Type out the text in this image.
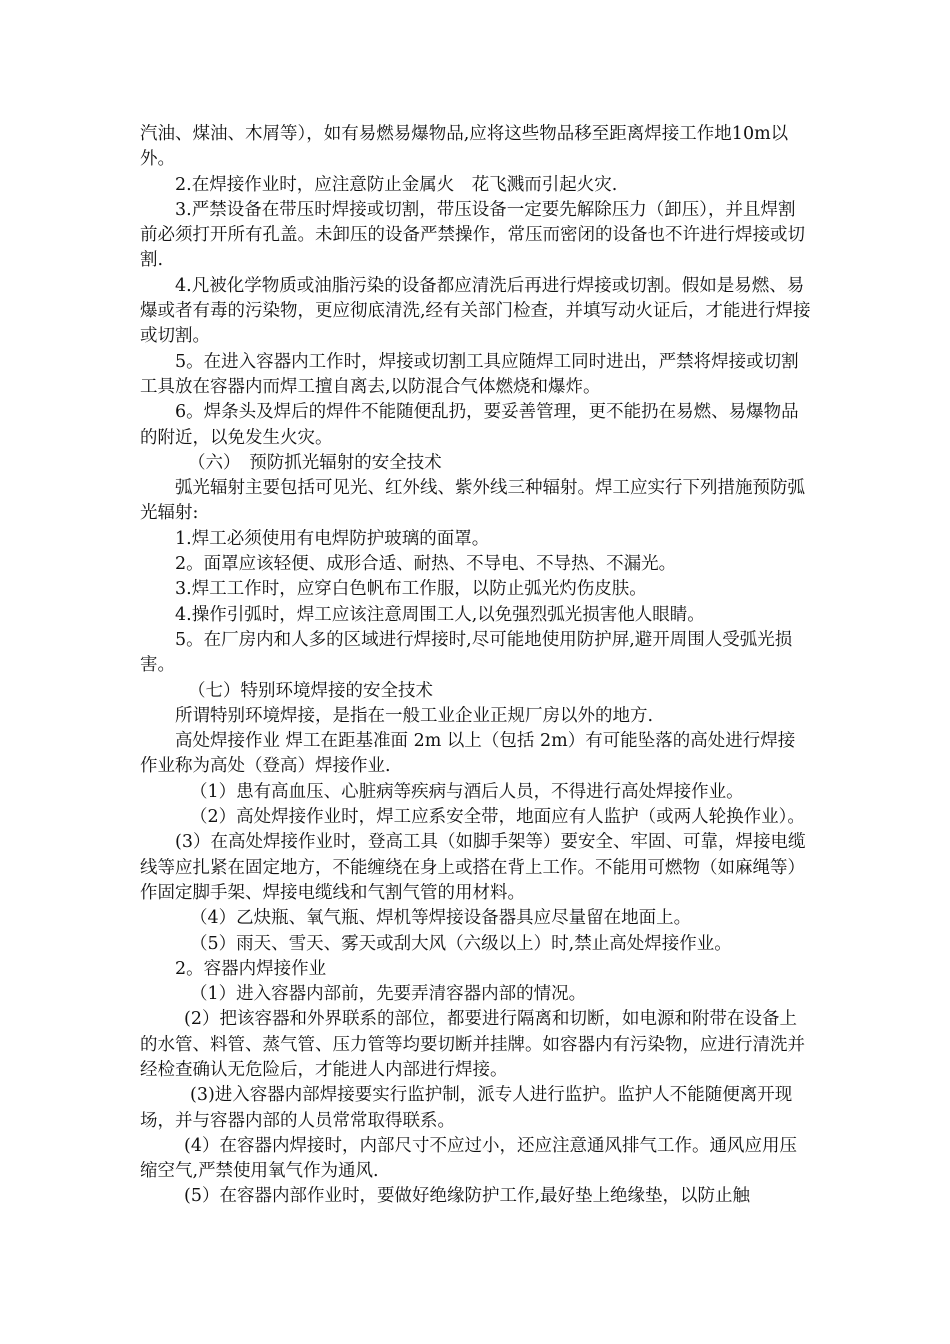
汽油、煤油、木屑等），如有易燃易爆物品,应将这些物品移至距离焊接工作地10m以外。

2.在焊接作业时，应注意防止金属火　花飞溅而引起火灾.

3.严禁设备在带压时焊接或切割，带压设备一定要先解除压力（卸压），并且焊割前必须打开所有孔盖。未卸压的设备严禁操作，常压而密闭的设备也不许进行焊接或切割.

4.凡被化学物质或油脂污染的设备都应清洗后再进行焊接或切割。假如是易燃、易爆或者有毒的污染物，更应彻底清洗,经有关部门检查，并填写动火证后，才能进行焊接或切割。

5。在进入容器内工作时，焊接或切割工具应随焊工同时进出，严禁将焊接或切割工具放在容器内而焊工擅自离去,以防混合气体燃烧和爆炸。

6。焊条头及焊后的焊件不能随便乱扔，要妥善管理，更不能扔在易燃、易爆物品的附近，以免发生火灾。

（六）　预防抓光辐射的安全技术

弧光辐射主要包括可见光、红外线、紫外线三种辐射。焊工应实行下列措施预防弧光辐射:

1.焊工必须使用有电焊防护玻璃的面罩。

2。面罩应该轻便、成形合适、耐热、不导电、不导热、不漏光。

3.焊工工作时，应穿白色帆布工作服，以防止弧光灼伤皮肤。

4.操作引弧时，焊工应该注意周围工人,以免强烈弧光损害他人眼睛。

5。在厂房内和人多的区域进行焊接时,尽可能地使用防护屏,避开周围人受弧光损害。

（七）特别环境焊接的安全技术

所谓特别环境焊接，是指在一般工业企业正规厂房以外的地方.

高处焊接作业 焊工在距基准面 2m 以上（包括 2m）有可能坠落的高处进行焊接作业称为高处（登高）焊接作业.

（1）患有高血压、心脏病等疾病与酒后人员，不得进行高处焊接作业。

（2）高处焊接作业时，焊工应系安全带，地面应有人监护（或两人轮换作业）。

(3）在高处焊接作业时，登高工具（如脚手架等）要安全、牢固、可靠，焊接电缆线等应扎紧在固定地方，不能缠绕在身上或搭在背上工作。不能用可燃物（如麻绳等）作固定脚手架、焊接电缆线和气割气管的用材料。

（4）乙炔瓶、氧气瓶、焊机等焊接设备器具应尽量留在地面上。

（5）雨天、雪天、雾天或刮大风（六级以上）时,禁止高处焊接作业。

2。容器内焊接作业

（1）进入容器内部前，先要弄清容器内部的情况。

(2）把该容器和外界联系的部位，都要进行隔离和切断，如电源和附带在设备上的水管、料管、蒸气管、压力管等均要切断并挂牌。如容器内有污染物，应进行清洗并经检查确认无危险后，才能进人内部进行焊接。

(3)进入容器内部焊接要实行监护制，派专人进行监护。监护人不能随便离开现场，并与容器内部的人员常常取得联系。

(4）在容器内焊接时，内部尺寸不应过小，还应注意通风排气工作。通风应用压缩空气,严禁使用氧气作为通风.

(5）在容器内部作业时，要做好绝缘防护工作,最好垫上绝缘垫，以防止触
